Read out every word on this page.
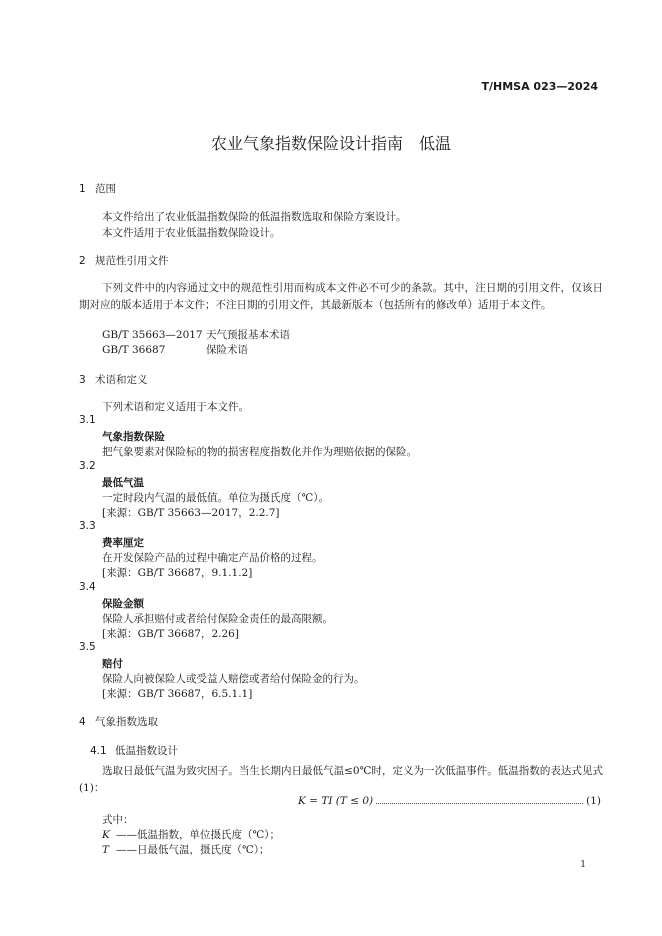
T/HMSA 023—2024
农业气象指数保险设计指南　低温
1 范围
本文件给出了农业低温指数保险的低温指数选取和保险方案设计。
本文件适用于农业低温指数保险设计。
2 规范性引用文件
下列文件中的内容通过文中的规范性引用而构成本文件必不可少的条款。其中，注日期的引用文件，仅该日期对应的版本适用于本文件；不注日期的引用文件，其最新版本（包括所有的修改单）适用于本文件。
GB/T 35663—2017 天气预报基本术语
GB/T 36687	保险术语
3 术语和定义
下列术语和定义适用于本文件。
3.1
气象指数保险
把气象要素对保险标的物的损害程度指数化并作为理赔依据的保险。
3.2
最低气温
一定时段内气温的最低值。单位为摄氏度（℃）。
[来源：GB/T 35663—2017，2.2.7]
3.3
费率厘定
在开发保险产品的过程中确定产品价格的过程。
[来源：GB/T 36687，9.1.1.2]
3.4
保险金额
保险人承担赔付或者给付保险金责任的最高限额。
[来源：GB/T 36687，2.26]
3.5
赔付
保险人向被保险人或受益人赔偿或者给付保险金的行为。
[来源：GB/T 36687，6.5.1.1]
4 气象指数选取
4.1 低温指数设计
选取日最低气温为致灾因子。当生长期内日最低气温≤0℃时，定义为一次低温事件。低温指数的表达式见式(1)：
K = TI (T ≤ 0)	(1)
式中：
K ——低温指数，单位摄氏度（℃）；
T ——日最低气温，摄氏度（℃）；
1
